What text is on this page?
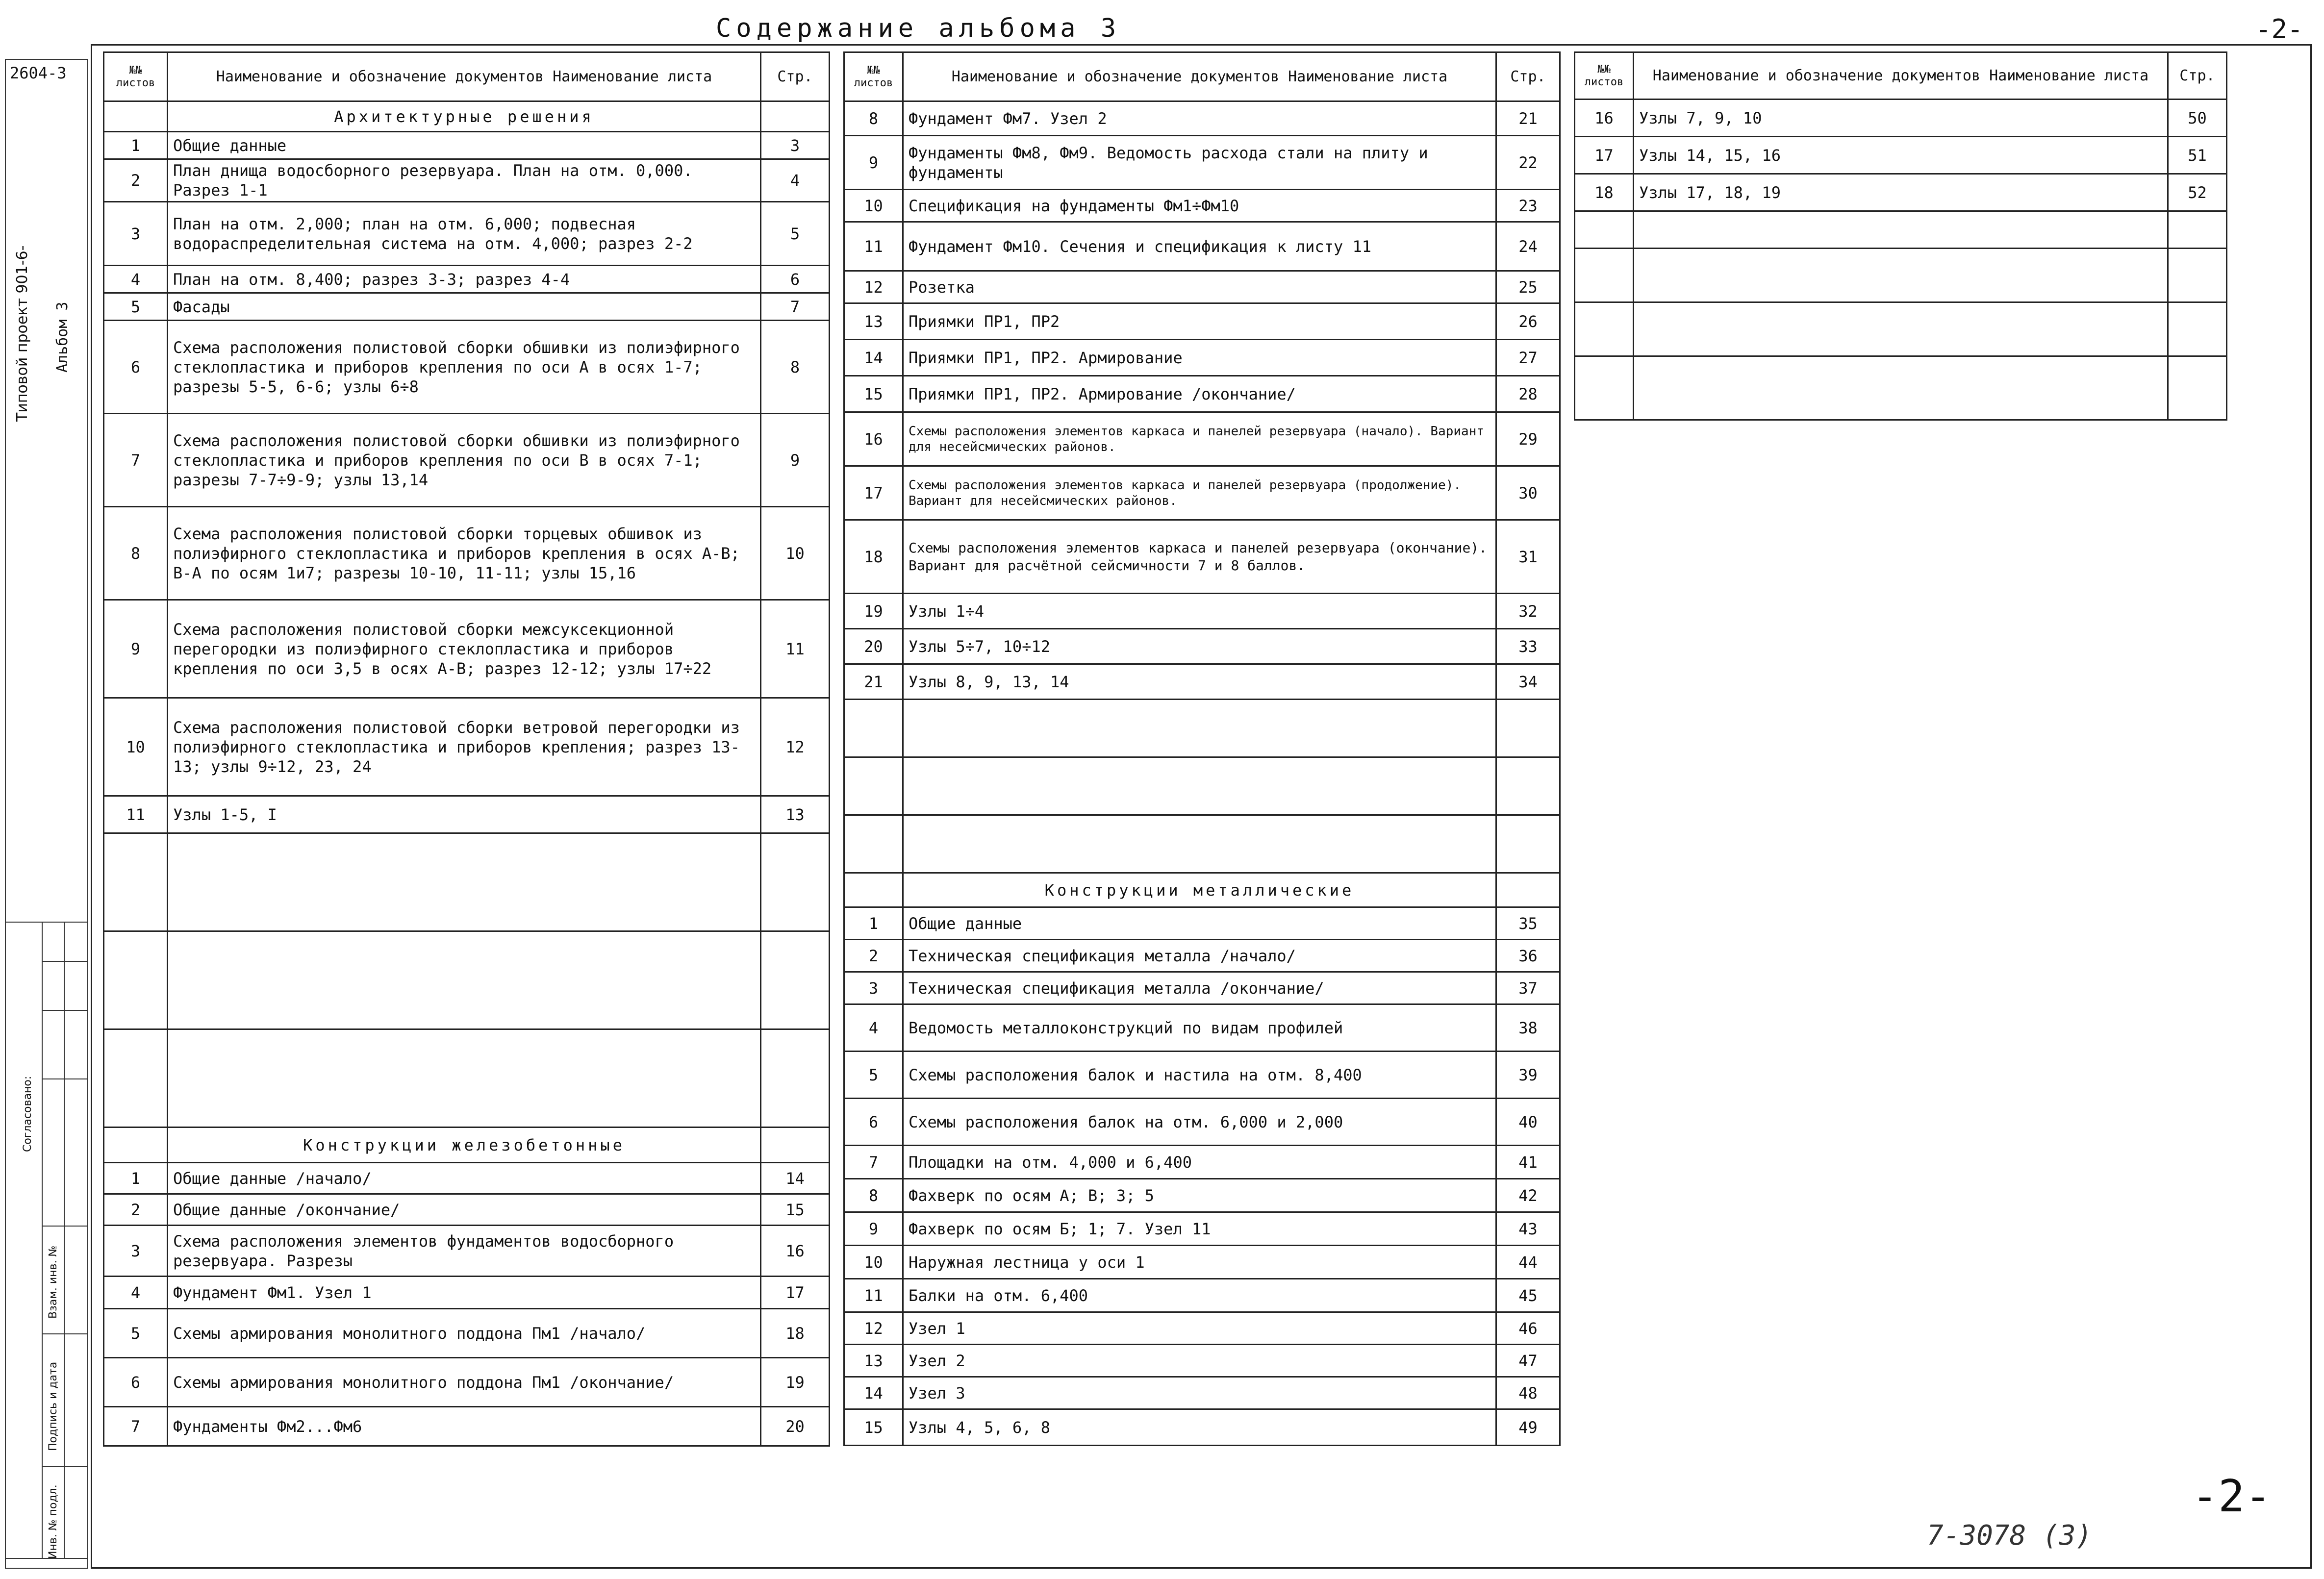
Содержание альбома 3	-2-
-2-
7-3078 (3)
2604-3
Типовой проект 901-6-	Альбом 3
Согласовано:
Инв. № подл.
Подпись и дата
Взам. инв. №
№№ листов	Наименование и обозначение документов Наименование листа	Стр.
	Архитектурные решения	
1	Общие данные	3
2	План днища водосборного резервуара. План на отм. 0,000. Разрез 1-1	4
3	План на отм. 2,000; план на отм. 6,000; подвесная водораспределительная система на отм. 4,000; разрез 2-2	5
4	План на отм. 8,400; разрез 3-3; разрез 4-4	6
5	Фасады	7
6	Схема расположения полистовой сборки обшивки из полиэфирного стеклопластика и приборов крепления по оси А в осях 1-7; разрезы 5-5, 6-6; узлы 6÷8	8
7	Схема расположения полистовой сборки обшивки из полиэфирного стеклопластика и приборов крепления по оси В в осях 7-1; разрезы 7-7÷9-9; узлы 13,14	9
8	Схема расположения полистовой сборки торцевых обшивок из полиэфирного стеклопластика и приборов крепления в осях А-В; В-А по осям 1и7; разрезы 10-10, 11-11; узлы 15,16	10
9	Схема расположения полистовой сборки межсуксекционной перегородки из полиэфирного стеклопластика и приборов крепления по оси 3,5 в осях А-В; разрез 12-12; узлы 17÷22	11
10	Схема расположения полистовой сборки ветровой перегородки из полиэфирного стеклопластика и приборов крепления; разрез 13-13; узлы 9÷12, 23, 24	12
11	Узлы 1-5, I	13

	Конструкции железобетонные	
1	Общие данные /начало/	14
2	Общие данные /окончание/	15
3	Схема расположения элементов фундаментов водосборного резервуара. Разрезы	16
4	Фундамент Фм1. Узел 1	17
5	Схемы армирования монолитного поддона Пм1 /начало/	18
6	Схемы армирования монолитного поддона Пм1 /окончание/	19
7	Фундаменты Фм2...Фм6	20
№№ листов	Наименование и обозначение документов Наименование листа	Стр.
8	Фундамент Фм7. Узел 2	21
9	Фундаменты Фм8, Фм9. Ведомость расхода стали на плиту и фундаменты	22
10	Спецификация на фундаменты Фм1÷Фм10	23
11	Фундамент Фм10. Сечения и спецификация к листу 11	24
12	Розетка	25
13	Приямки ПР1, ПР2	26
14	Приямки ПР1, ПР2. Армирование	27
15	Приямки ПР1, ПР2. Армирование /окончание/	28
16	Схемы расположения элементов каркаса и панелей резервуара (начало). Вариант для несейсмических районов.	29
17	Схемы расположения элементов каркаса и панелей резервуара (продолжение). Вариант для несейсмических районов.	30
18	Схемы расположения элементов каркаса и панелей резервуара (окончание). Вариант для расчётной сейсмичности 7 и 8 баллов.	31
19	Узлы 1÷4	32
20	Узлы 5÷7, 10÷12	33
21	Узлы 8, 9, 13, 14	34

	Конструкции металлические	
1	Общие данные	35
2	Техническая спецификация металла /начало/	36
3	Техническая спецификация металла /окончание/	37
4	Ведомость металлоконструкций по видам профилей	38
5	Схемы расположения балок и настила на отм. 8,400	39
6	Схемы расположения балок на отм. 6,000 и 2,000	40
7	Площадки на отм. 4,000 и 6,400	41
8	Фахверк по осям А; В; 3; 5	42
9	Фахверк по осям Б; 1; 7. Узел 11	43
10	Наружная лестница у оси 1	44
11	Балки на отм. 6,400	45
12	Узел 1	46
13	Узел 2	47
14	Узел 3	48
15	Узлы 4, 5, 6, 8	49
№№ листов	Наименование и обозначение документов Наименование листа	Стр.
16	Узлы 7, 9, 10	50
17	Узлы 14, 15, 16	51
18	Узлы 17, 18, 19	52
